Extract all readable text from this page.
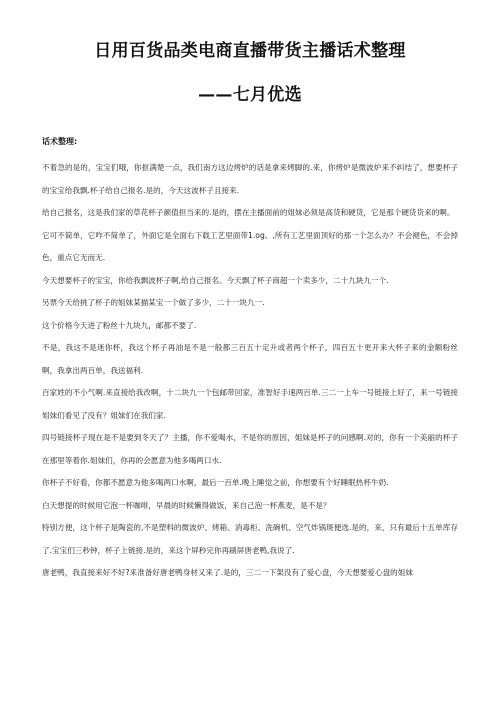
日用百货品类电商直播带货主播话术整理
——七月优选
话术整理:

不着急的是的，宝宝们哦，你抠满楚一点，我们南方这边烤炉的话是拿来烤脚的.来，你烤炉是微波炉来不纠结了，想要杯子的宝宝给我飘.杯子给自己报名.是的，今天这波杯子且接来.

给自己报名，这是我们家的草花杯子颜值担当来的.是的，摆在主播面前的姐妹必须是高货和硬货，它是那个硬货货来的啊。

它可不简单，它咋不简单了，外面它是全面右下载工艺里面带1.og。,所有工艺里面顶好的那一个怎么办？不会褪色，不会掉色，重点它无而无.

今天想要杯子的宝宝，你给我飘波杯子啊,给自己报名。今天飘了杯子商超一个卖多少，二十九块九一个.

另票今天给挑了杯子的姐妹某描某宝一个做了多少，二十一块九一.

这个价格今天进了粉丝十九块九，邮都不要了.

不是，我这不是迷你杯，我这个杯子再油是不是一般都三百五十定升或者两个杯子，四百五十更开来大杯子来的金额粉丝啊，我拿出两百单，我送福利.

百家姓的不小气啊.来直接给我改啊，十二块九一个包邮带回家，准智好手速两百单.三二一上车一号链接上好了，来一号链接姐妹们看见了没有？姐妹们在我们家.

四号链接杯子现在是不是要到冬天了？主播，你不爱喝水，不是你的原因，姐妹是杯子的问感啊.对的，你有一个美丽的杯子在那里等着你.姐妹们，你再的会愿意为他多喝两口水.

你杯子不好看，你都不愿意为他多喝两口水啊，最后一百单.晚上睡觉之前，你想要有个好睡眠热杯牛奶.

白天想提的时候用它泡一杯咖啡，早晨的时候懒得做饭，来自己泡一杯燕麦，是不是？

特别方便，这个杯子是陶瓷的,不是塑料的微波炉、烤箱、消毒柜、洗碗机、空气炸锅斑便选.是的，来，只有最后十五单库存了.宝宝们三秒钟，杯子上链接.是的，来这个屏秒完你再刷屏唐老鸭,我说了.

唐老鸭，我直接来好不好?来准备好唐老鸭身材又来了.是的，三二一下架没有了爱心盘，今天想要爱心盘的姐妹
